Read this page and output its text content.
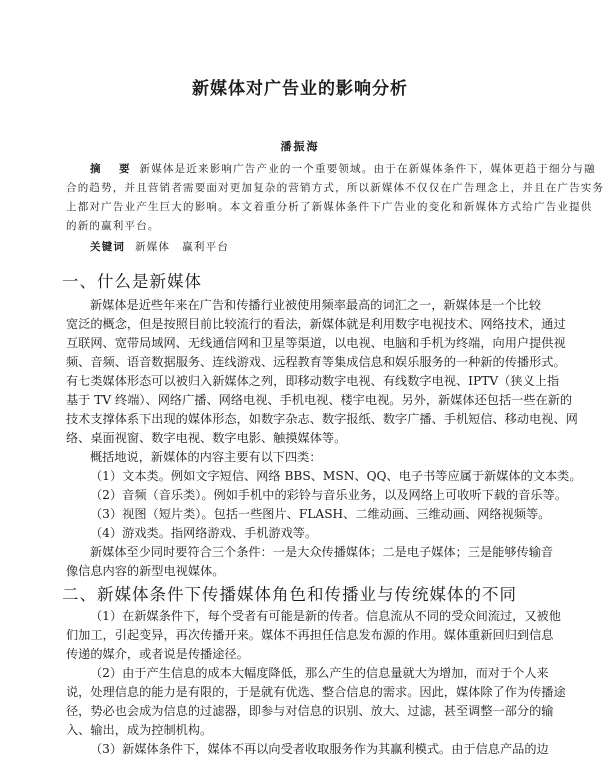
新媒体对广告业的影响分析
潘振海
摘　要 新媒体是近来影响广告产业的一个重要领域。由于在新媒体条件下，媒体更趋于细分与融
合的趋势，并且营销者需要面对更加复杂的营销方式，所以新媒体不仅仅在广告理念上，并且在广告实务
上都对广告业产生巨大的影响。本文着重分析了新媒体条件下广告业的变化和新媒体方式给广告业提供
的新的赢利平台。
关键词 新媒体 赢利平台
一、什么是新媒体
新媒体是近些年来在广告和传播行业被使用频率最高的词汇之一，新媒体是一个比较
宽泛的概念，但是按照目前比较流行的看法，新媒体就是利用数字电视技术、网络技术，通过
互联网、宽带局域网、无线通信网和卫星等渠道，以电视、电脑和手机为终端，向用户提供视
频、音频、语音数据服务、连线游戏、远程教育等集成信息和娱乐服务的一种新的传播形式。
有七类媒体形态可以被归入新媒体之列，即移动数字电视、有线数字电视、IPTV（狭义上指
基于 TV 终端）、网络广播、网络电视、手机电视、楼宇电视。另外，新媒体还包括一些在新的
技术支撑体系下出现的媒体形态，如数字杂志、数字报纸、数字广播、手机短信、移动电视、网
络、桌面视窗、数字电视、数字电影、触摸媒体等。
概括地说，新媒体的内容主要有以下四类：
（1）文本类。例如文字短信、网络 BBS、MSN、QQ、电子书等应属于新媒体的文本类。
（2）音频（音乐类）。例如手机中的彩铃与音乐业务，以及网络上可收听下载的音乐等。
（3）视图（短片类）。包括一些图片、FLASH、二维动画、三维动画、网络视频等。
（4）游戏类。指网络游戏、手机游戏等。
新媒体至少同时要符合三个条件：一是大众传播媒体；二是电子媒体；三是能够传输音
像信息内容的新型电视媒体。
二、新媒体条件下传播媒体角色和传播业与传统媒体的不同
（1）在新媒条件下，每个受者有可能是新的传者。信息流从不同的受众间流过，又被他
们加工，引起变异，再次传播开来。媒体不再担任信息发布源的作用。媒体重新回归到信息
传递的媒介，或者说是传播途径。
（2）由于产生信息的成本大幅度降低，那么产生的信息量就大为增加，而对于个人来
说，处理信息的能力是有限的，于是就有优选、整合信息的需求。因此，媒体除了作为传播途
径，势必也会成为信息的过滤器，即参与对信息的识别、放大、过滤，甚至调整一部分的输
入、输出，成为控制机构。
（3）新媒体条件下，媒体不再以向受者收取服务作为其赢利模式。由于信息产品的边
